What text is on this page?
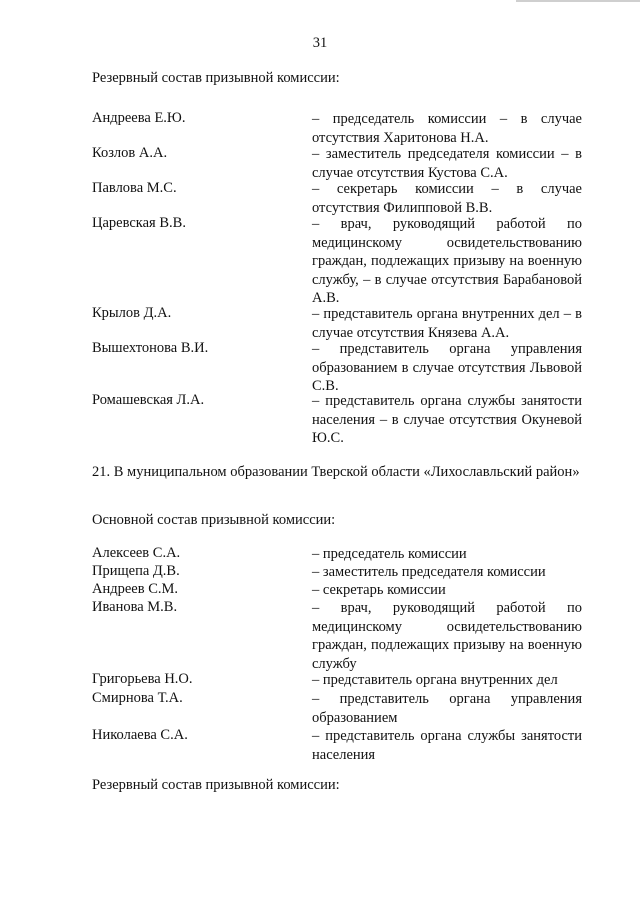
31
Резервный состав призывной комиссии:
Андреева Е.Ю.	– председатель комиссии – в случае отсутствия Харитонова Н.А.
Козлов А.А.	– заместитель председателя комиссии – в случае отсутствия Кустова С.А.
Павлова М.С.	– секретарь комиссии – в случае отсутствия Филипповой В.В.
Царевская В.В.	– врач, руководящий работой по медицинскому освидетельствованию граждан, подлежащих призыву на военную службу, – в случае отсутствия Барабановой А.В.
Крылов Д.А.	– представитель органа внутренних дел – в случае отсутствия Князева А.А.
Вышехтонова В.И.	– представитель органа управления образованием в случае отсутствия Львовой С.В.
Ромашевская Л.А.	– представитель органа службы занятости населения – в случае отсутствия Окуневой Ю.С.
21. В муниципальном образовании Тверской области «Лихославльский район»
Основной состав призывной комиссии:
Алексеев С.А.	– председатель комиссии
Прищепа Д.В.	– заместитель председателя комиссии
Андреев С.М.	– секретарь комиссии
Иванова М.В.	– врач, руководящий работой по медицинскому освидетельствованию граждан, подлежащих призыву на военную службу
Григорьева Н.О.	– представитель органа внутренних дел
Смирнова Т.А.	– представитель органа управления образованием
Николаева С.А.	– представитель органа службы занятости населения
Резервный состав призывной комиссии:
